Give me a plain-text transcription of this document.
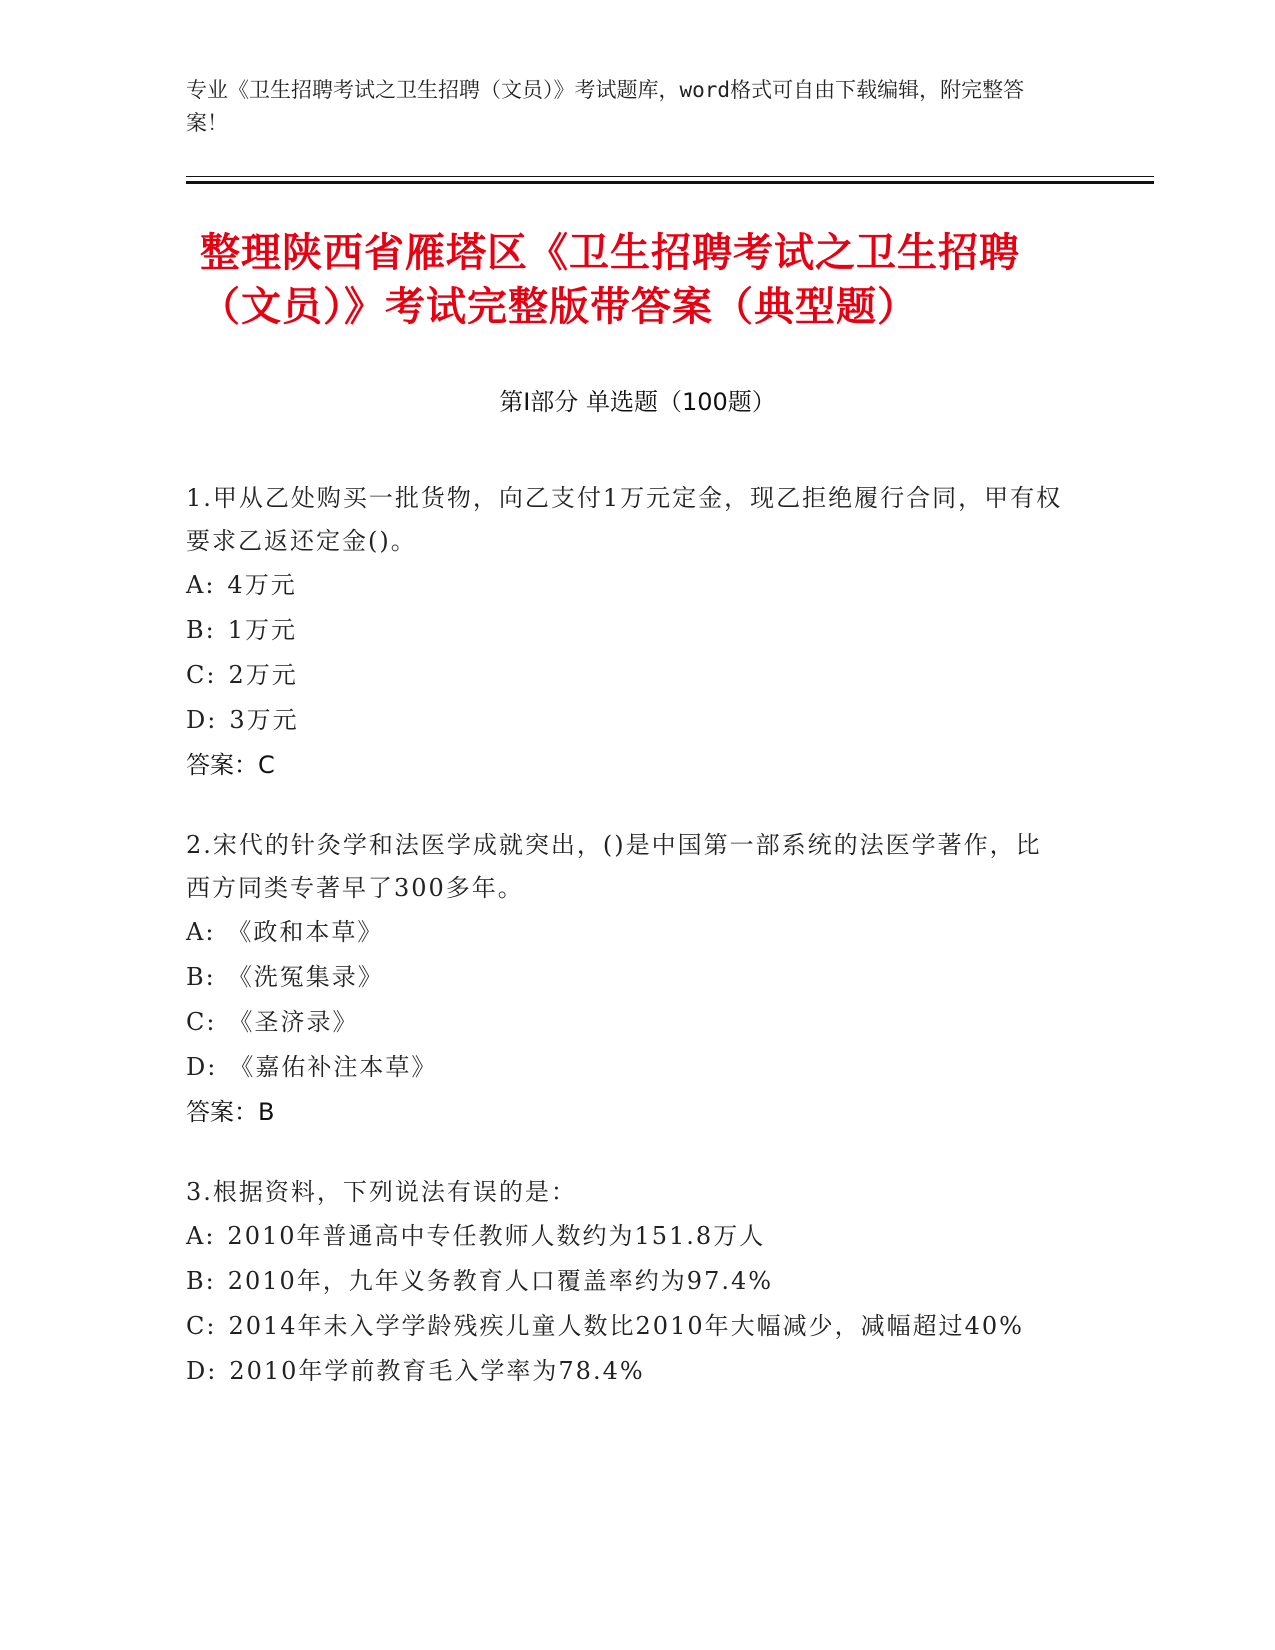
专业《卫生招聘考试之卫生招聘（文员）》考试题库，word格式可自由下载编辑，附完整答案！
整理陕西省雁塔区《卫生招聘考试之卫生招聘（文员）》考试完整版带答案（典型题）
第Ⅰ部分 单选题（100题）

1.甲从乙处购买一批货物，向乙支付1万元定金，现乙拒绝履行合同，甲有权要求乙返还定金()。

A: 4万元

B: 1万元

C: 2万元

D: 3万元

答案：C

2.宋代的针灸学和法医学成就突出，()是中国第一部系统的法医学著作，比西方同类专著早了300多年。

A: 《政和本草》

B: 《洗冤集录》

C: 《圣济录》

D: 《嘉佑补注本草》

答案：B

3.根据资料，下列说法有误的是：

A: 2010年普通高中专任教师人数约为151.8万人

B: 2010年，九年义务教育人口覆盖率约为97.4%

C: 2014年未入学学龄残疾儿童人数比2010年大幅减少，减幅超过40%

D: 2010年学前教育毛入学率为78.4%
